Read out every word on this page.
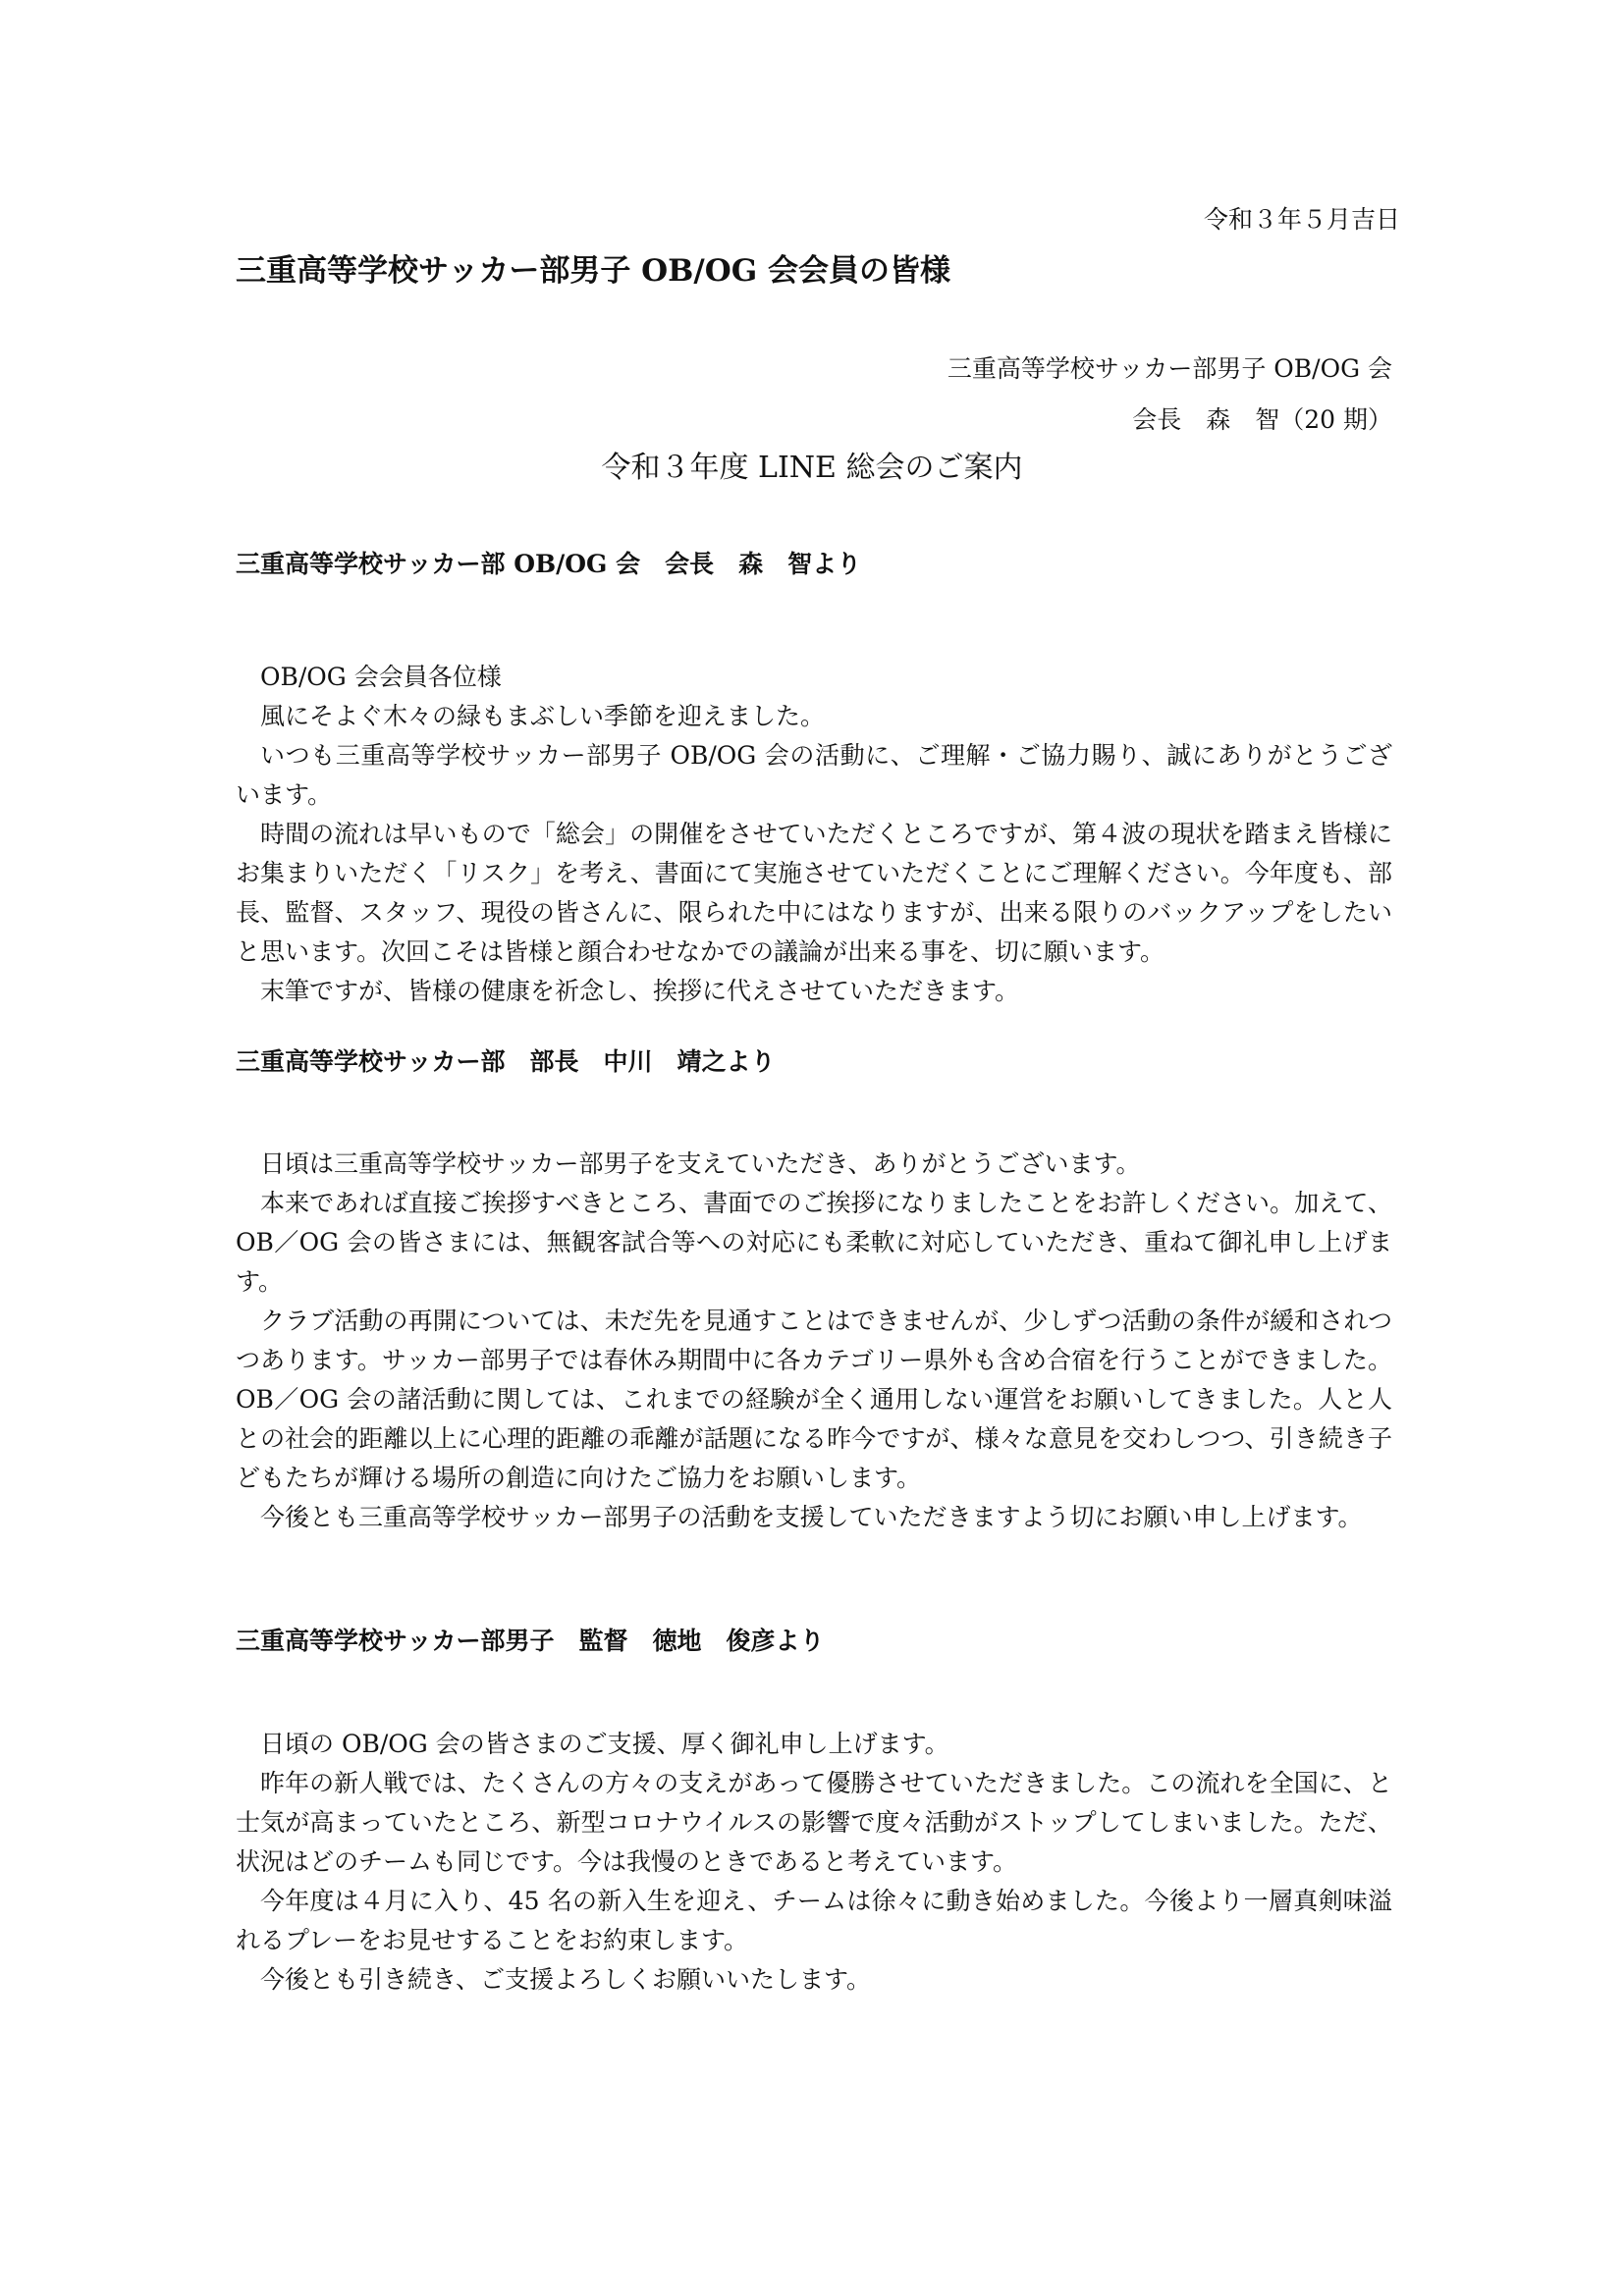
令和３年５月吉日
三重高等学校サッカー部男子 OB/OG 会会員の皆様
三重高等学校サッカー部男子 OB/OG 会
会長　森　智（20 期）
令和３年度 LINE 総会のご案内

三重高等学校サッカー部 OB/OG 会　会長　森　智より

OB/OG 会会員各位様

風にそよぐ木々の緑もまぶしい季節を迎えました。

いつも三重高等学校サッカー部男子 OB/OG 会の活動に、ご理解・ご協力賜り、誠にありがとうございます。

時間の流れは早いもので「総会」の開催をさせていただくところですが、第４波の現状を踏まえ皆様にお集まりいただく「リスク」を考え、書面にて実施させていただくことにご理解ください。今年度も、部長、監督、スタッフ、現役の皆さんに、限られた中にはなりますが、出来る限りのバックアップをしたいと思います。次回こそは皆様と顔合わせなかでの議論が出来る事を、切に願います。

末筆ですが、皆様の健康を祈念し、挨拶に代えさせていただきます。

三重高等学校サッカー部　部長　中川　靖之より

日頃は三重高等学校サッカー部男子を支えていただき、ありがとうございます。

本来であれば直接ご挨拶すべきところ、書面でのご挨拶になりましたことをお許しください。加えて、OB／OG 会の皆さまには、無観客試合等への対応にも柔軟に対応していただき、重ねて御礼申し上げます。

クラブ活動の再開については、未だ先を見通すことはできませんが、少しずつ活動の条件が緩和されつつあります。サッカー部男子では春休み期間中に各カテゴリー県外も含め合宿を行うことができました。OB／OG 会の諸活動に関しては、これまでの経験が全く通用しない運営をお願いしてきました。人と人との社会的距離以上に心理的距離の乖離が話題になる昨今ですが、様々な意見を交わしつつ、引き続き子どもたちが輝ける場所の創造に向けたご協力をお願いします。

今後とも三重高等学校サッカー部男子の活動を支援していただきますよう切にお願い申し上げます。

三重高等学校サッカー部男子　監督　徳地　俊彦より

日頃の OB/OG 会の皆さまのご支援、厚く御礼申し上げます。

昨年の新人戦では、たくさんの方々の支えがあって優勝させていただきました。この流れを全国に、と士気が高まっていたところ、新型コロナウイルスの影響で度々活動がストップしてしまいました。ただ、状況はどのチームも同じです。今は我慢のときであると考えています。

今年度は４月に入り、45 名の新入生を迎え、チームは徐々に動き始めました。今後より一層真剣味溢れるプレーをお見せすることをお約束します。

今後とも引き続き、ご支援よろしくお願いいたします。
